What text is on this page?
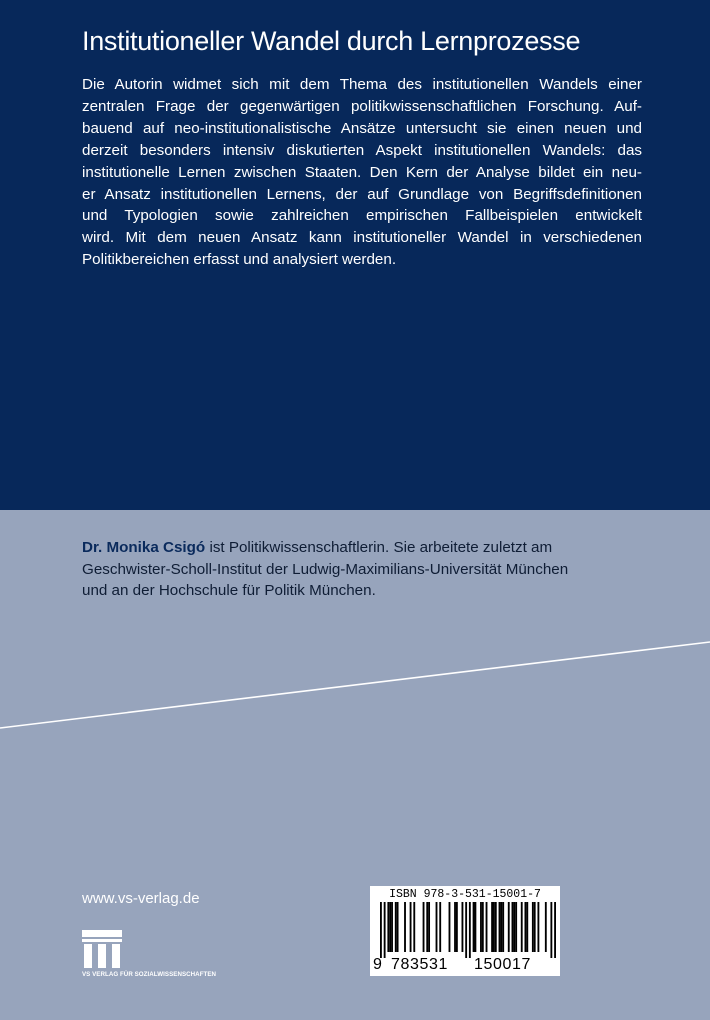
Institutioneller Wandel durch Lernprozesse

Die Autorin widmet sich mit dem Thema des institutionellen Wandels einer
zentralen Frage der gegenwärtigen politikwissenschaftlichen Forschung. Auf-
bauend auf neo-institutionalistische Ansätze untersucht sie einen neuen und
derzeit besonders intensiv diskutierten Aspekt institutionellen Wandels: das
institutionelle Lernen zwischen Staaten. Den Kern der Analyse bildet ein neu-
er Ansatz institutionellen Lernens, der auf Grundlage von Begriffsdefinitionen
und Typologien sowie zahlreichen empirischen Fallbeispielen entwickelt
wird. Mit dem neuen Ansatz kann institutioneller Wandel in verschiedenen
Politikbereichen erfasst und analysiert werden.

Dr. Monika Csigó ist Politikwissenschaftlerin. Sie arbeitete zuletzt am
Geschwister-Scholl-Institut der Ludwig-Maximilians-Universität München
und an der Hochschule für Politik München.

www.vs-verlag.de
VS VERLAG FÜR SOZIALWISSENSCHAFTEN
ISBN 978-3-531-15001-7
9 783531 150017
